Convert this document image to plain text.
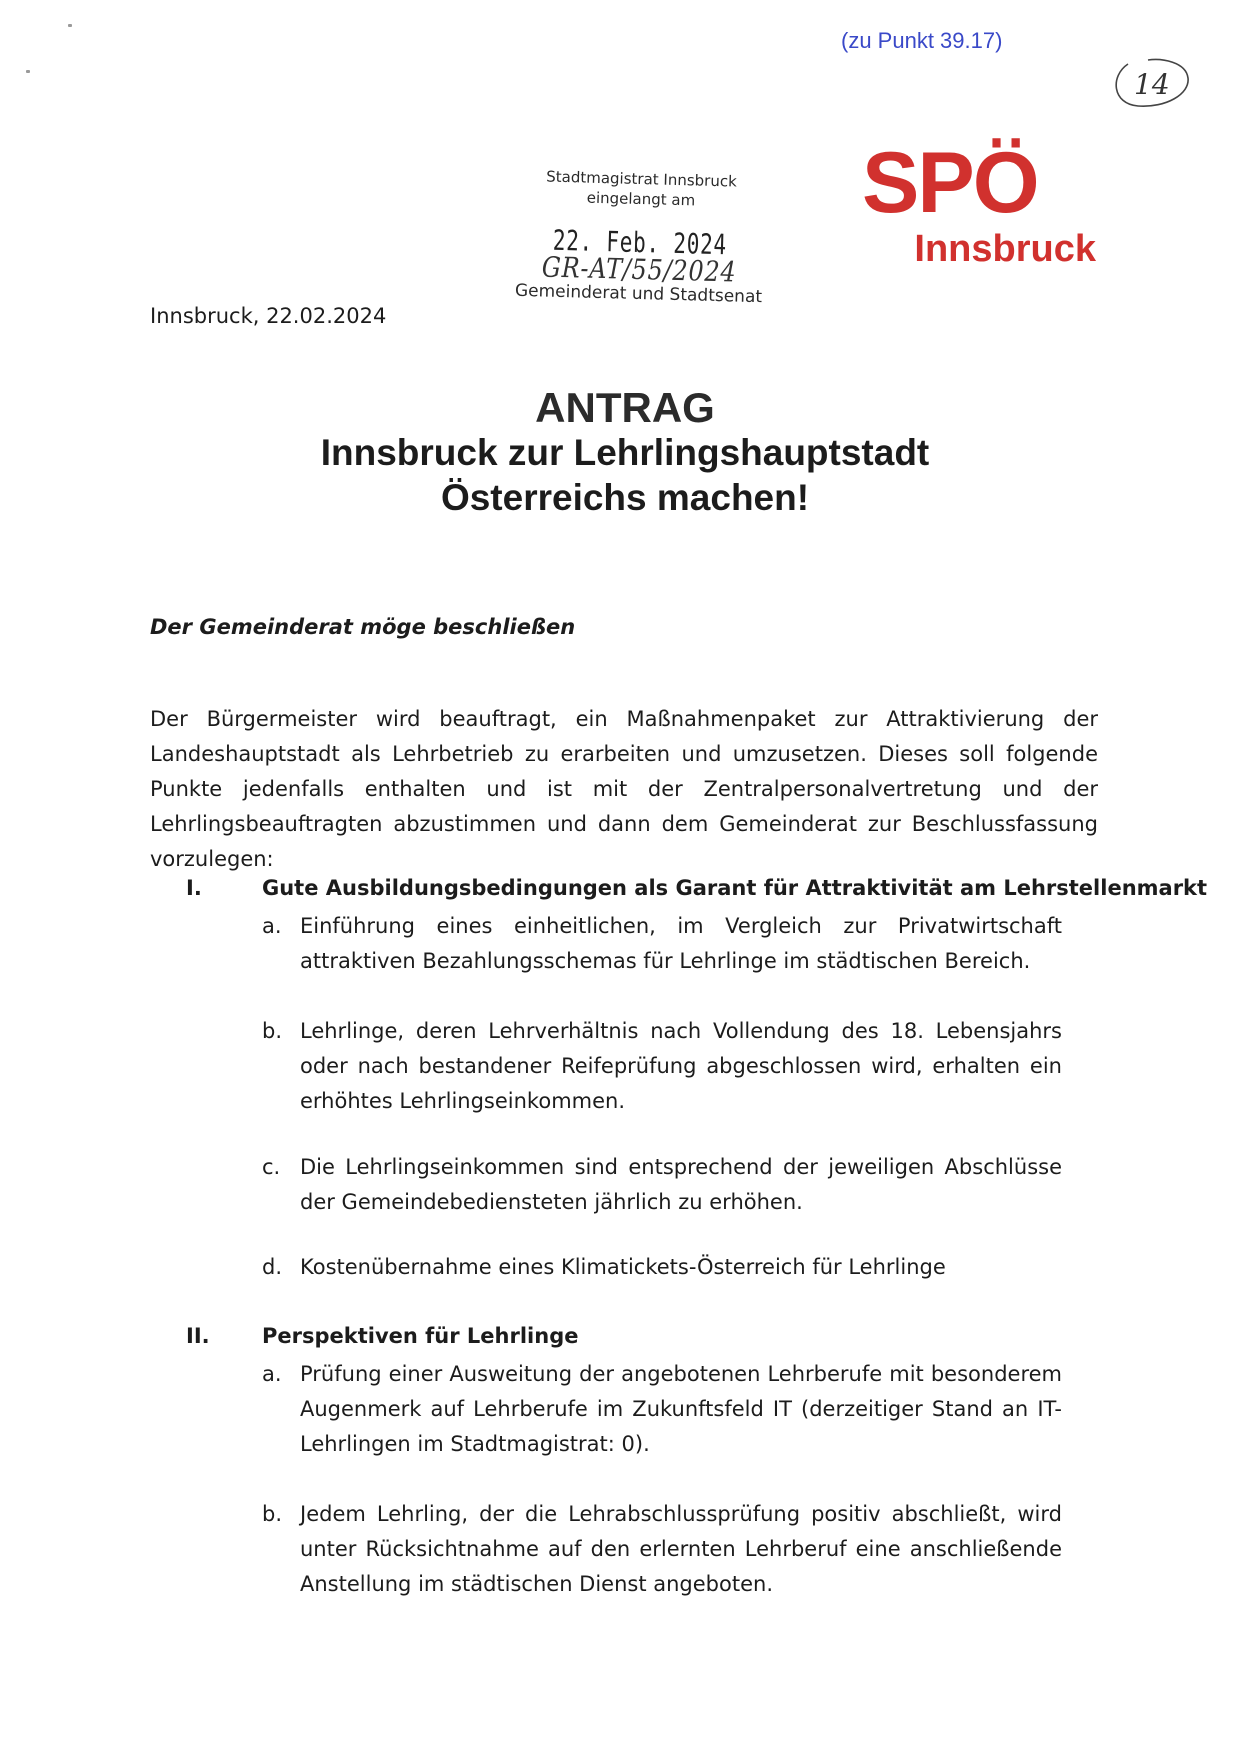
(zu Punkt 39.17)
14
Stadtmagistrat Innsbruck
eingelangt am
22. Feb. 2024
GR-AT/55/2024
Gemeinderat und Stadtsenat
SPÖ
Innsbruck
Innsbruck, 22.02.2024
ANTRAG
Innsbruck zur Lehrlingshauptstadt
Österreichs machen!
Der Gemeinderat möge beschließen
Der Bürgermeister wird beauftragt, ein Maßnahmenpaket zur Attraktivierung der Landeshauptstadt als Lehrbetrieb zu erarbeiten und umzusetzen. Dieses soll folgende Punkte jedenfalls enthalten und ist mit der Zentralpersonalvertretung und der Lehrlingsbeauftragten abzustimmen und dann dem Gemeinderat zur Beschlussfassung vorzulegen:
I.	Gute Ausbildungsbedingungen als Garant für Attraktivität am Lehrstellenmarkt
a. Einführung eines einheitlichen, im Vergleich zur Privatwirtschaft attraktiven Bezahlungsschemas für Lehrlinge im städtischen Bereich.
b. Lehrlinge, deren Lehrverhältnis nach Vollendung des 18. Lebensjahrs oder nach bestandener Reifeprüfung abgeschlossen wird, erhalten ein erhöhtes Lehrlingseinkommen.
c. Die Lehrlingseinkommen sind entsprechend der jeweiligen Abschlüsse der Gemeindebediensteten jährlich zu erhöhen.
d. Kostenübernahme eines Klimatickets-Österreich für Lehrlinge
II. Perspektiven für Lehrlinge
a. Prüfung einer Ausweitung der angebotenen Lehrberufe mit besonderem Augenmerk auf Lehrberufe im Zukunftsfeld IT (derzeitiger Stand an IT-Lehrlingen im Stadtmagistrat: 0).
b. Jedem Lehrling, der die Lehrabschlussprüfung positiv abschließt, wird unter Rücksichtnahme auf den erlernten Lehrberuf eine anschließende Anstellung im städtischen Dienst angeboten.
